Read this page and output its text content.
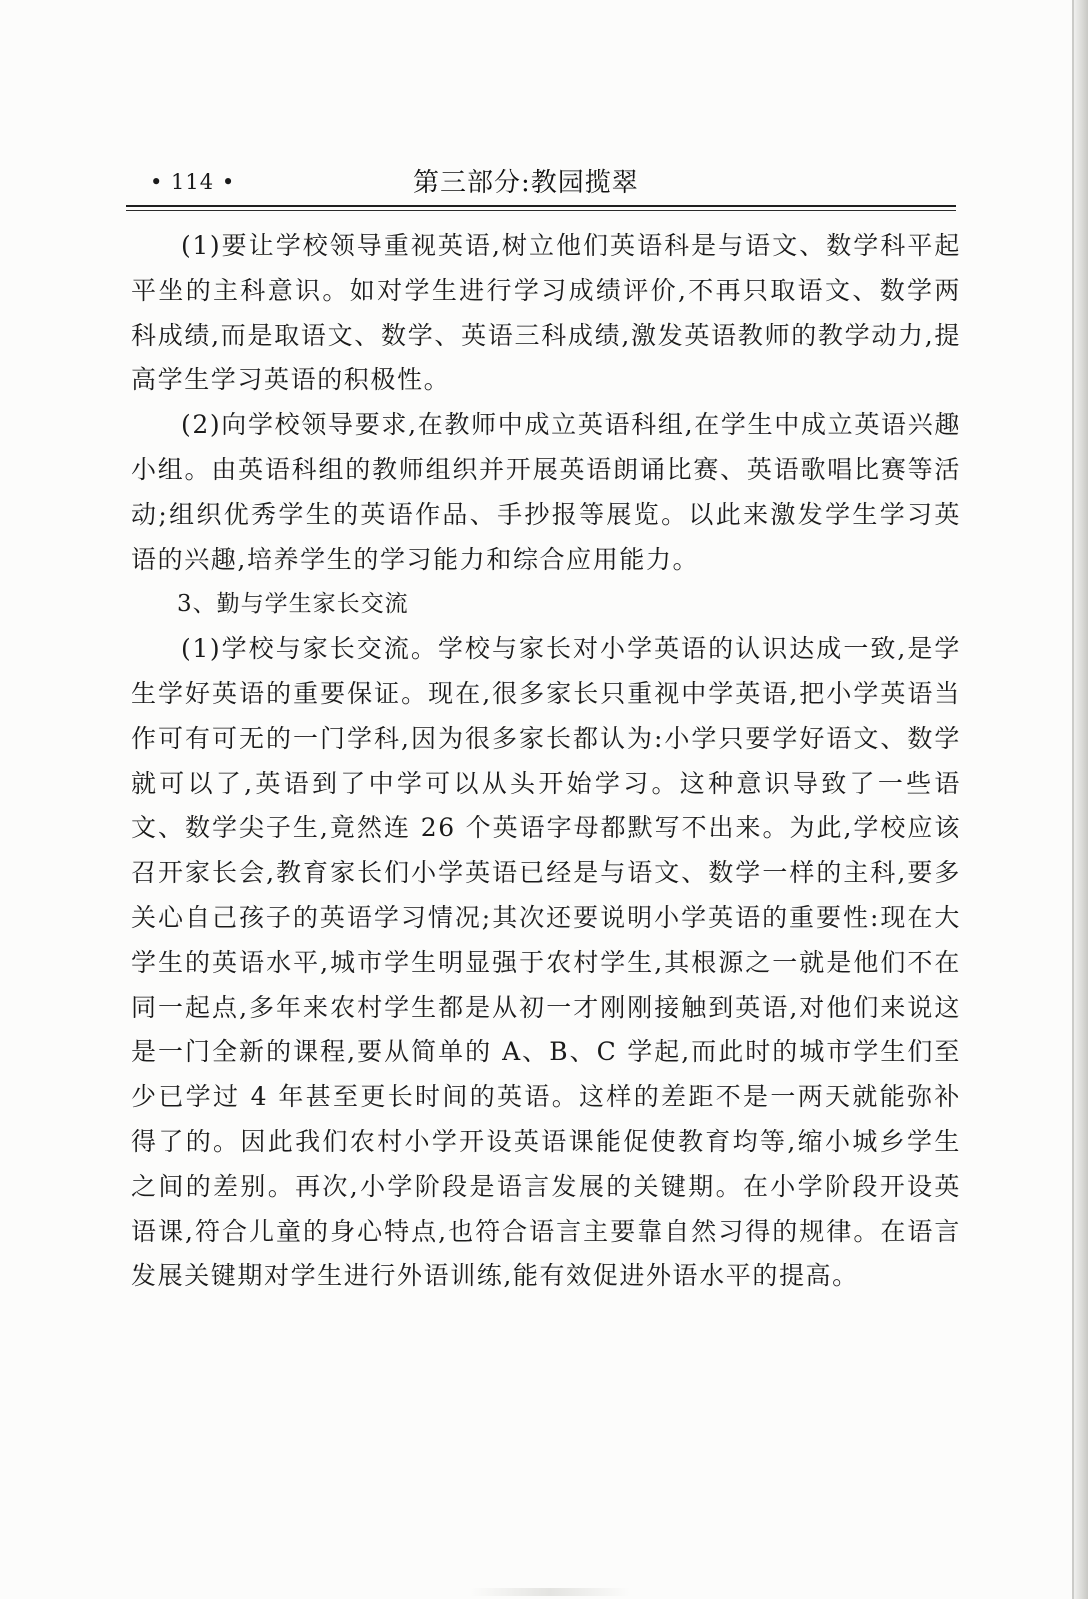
• 114 •	第三部分:教园揽翠

(1)要让学校领导重视英语,树立他们英语科是与语文、数学科平起平坐的主科意识。如对学生进行学习成绩评价,不再只取语文、数学两科成绩,而是取语文、数学、英语三科成绩,激发英语教师的教学动力,提高学生学习英语的积极性。

(2)向学校领导要求,在教师中成立英语科组,在学生中成立英语兴趣小组。由英语科组的教师组织并开展英语朗诵比赛、英语歌唱比赛等活动;组织优秀学生的英语作品、手抄报等展览。以此来激发学生学习英语的兴趣,培养学生的学习能力和综合应用能力。

3、勤与学生家长交流

(1)学校与家长交流。学校与家长对小学英语的认识达成一致,是学生学好英语的重要保证。现在,很多家长只重视中学英语,把小学英语当作可有可无的一门学科,因为很多家长都认为:小学只要学好语文、数学就可以了,英语到了中学可以从头开始学习。这种意识导致了一些语文、数学尖子生,竟然连 26 个英语字母都默写不出来。为此,学校应该召开家长会,教育家长们小学英语已经是与语文、数学一样的主科,要多关心自己孩子的英语学习情况;其次还要说明小学英语的重要性:现在大学生的英语水平,城市学生明显强于农村学生,其根源之一就是他们不在同一起点,多年来农村学生都是从初一才刚刚接触到英语,对他们来说这是一门全新的课程,要从简单的 A、B、C 学起,而此时的城市学生们至少已学过 4 年甚至更长时间的英语。这样的差距不是一两天就能弥补得了的。因此我们农村小学开设英语课能促使教育均等,缩小城乡学生之间的差别。再次,小学阶段是语言发展的关键期。在小学阶段开设英语课,符合儿童的身心特点,也符合语言主要靠自然习得的规律。在语言发展关键期对学生进行外语训练,能有效促进外语水平的提高。
